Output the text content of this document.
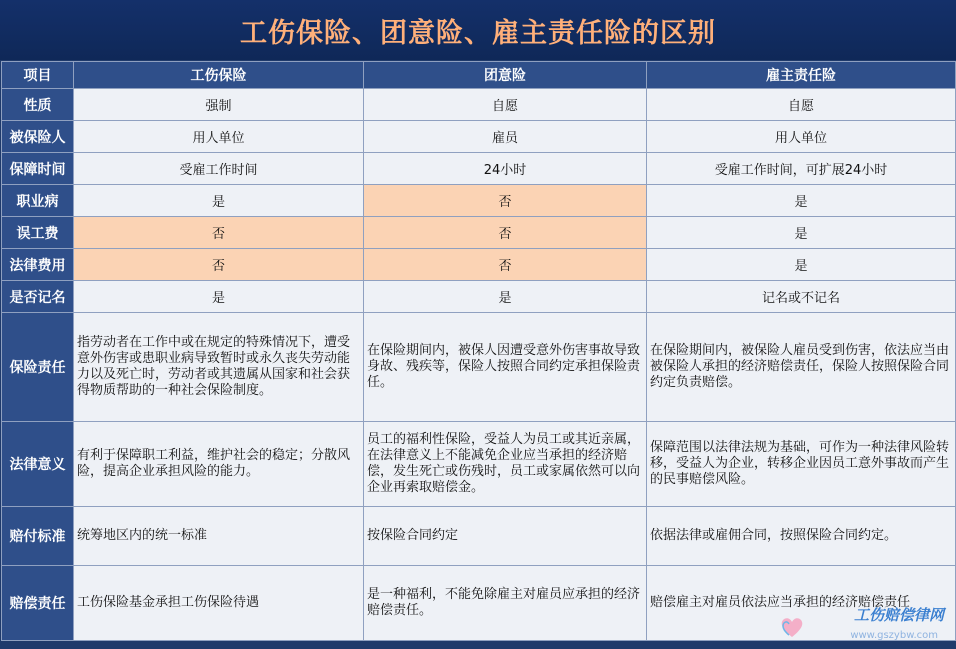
工伤保险、团意险、雇主责任险的区别
项目	工伤保险	团意险	雇主责任险
性质	强制	自愿	自愿
被保险人	用人单位	雇员	用人单位
保障时间	受雇工作时间	24小时	受雇工作时间，可扩展24小时
职业病	是	否	是
误工费	否	否	是
法律费用	否	否	是
是否记名	是	是	记名或不记名
保险责任	指劳动者在工作中或在规定的特殊情况下，遭受意外伤害或患职业病导致暂时或永久丧失劳动能力以及死亡时，劳动者或其遗属从国家和社会获得物质帮助的一种社会保险制度。	在保险期间内，被保人因遭受意外伤害事故导致身故、残疾等，保险人按照合同约定承担保险责任。	在保险期间内，被保险人雇员受到伤害，依法应当由被保险人承担的经济赔偿责任，保险人按照保险合同约定负责赔偿。
法律意义	有利于保障职工利益，维护社会的稳定；分散风险，提高企业承担风险的能力。	员工的福利性保险，受益人为员工或其近亲属，在法律意义上不能减免企业应当承担的经济赔偿，发生死亡或伤残时，员工或家属依然可以向企业再索取赔偿金。	保障范围以法律法规为基础，可作为一种法律风险转移，受益人为企业，转移企业因员工意外事故而产生的民事赔偿风险。
赔付标准	统筹地区内的统一标准	按保险合同约定	依据法律或雇佣合同，按照保险合同约定。
赔偿责任	工伤保险基金承担工伤保险待遇	是一种福利，不能免除雇主对雇员应承担的经济赔偿责任。	赔偿雇主对雇员依法应当承担的经济赔偿责任
工伤赔偿律网
www.gszybw.com
